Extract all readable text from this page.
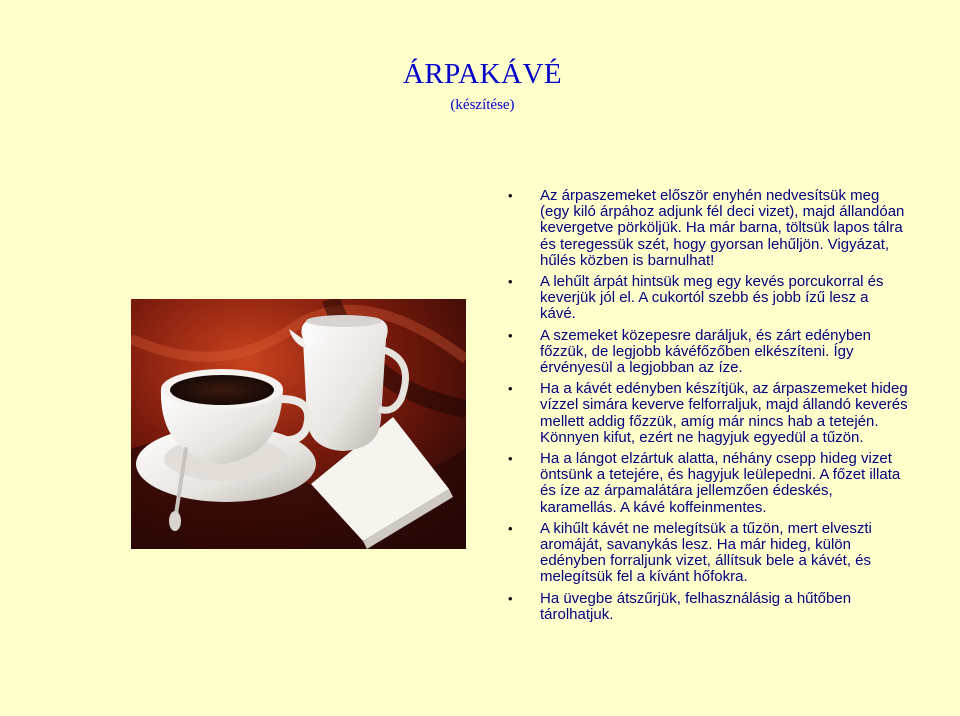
ÁRPAKÁVÉ
(készítése)
• Az árpaszemeket először enyhén nedvesítsük meg (egy kiló árpához adjunk fél deci vizet), majd állandóan kevergetve pörköljük. Ha már barna, töltsük lapos tálra és teregessük szét, hogy gyorsan lehűljön. Vigyázat, hűlés közben is barnulhat!
• A lehűlt árpát hintsük meg egy kevés porcukorral és keverjük jól el. A cukortól szebb és jobb ízű lesz a kávé.
• A szemeket közepesre daráljuk, és zárt edényben főzzük, de legjobb kávéfőzőben elkészíteni. Így érvényesül a legjobban az íze.
• Ha a kávét edényben készítjük, az árpaszemeket hideg vízzel simára keverve felforraljuk, majd állandó keverés mellett addig főzzük, amíg már nincs hab a tetején. Könnyen kifut, ezért ne hagyjuk egyedül a tűzön.
• Ha a lángot elzártuk alatta, néhány csepp hideg vizet öntsünk a tetejére, és hagyjuk leülepedni. A főzet illata és íze az árpamalátára jellemzően édeskés, karamellás. A kávé koffeinmentes.
• A kihűlt kávét ne melegítsük a tűzön, mert elveszti aromáját, savanykás lesz. Ha már hideg, külön edényben forraljunk vizet, állítsuk bele a kávét, és melegítsük fel a kívánt hőfokra.
• Ha üvegbe átszűrjük, felhasználásig a hűtőben tárolhatjuk.
